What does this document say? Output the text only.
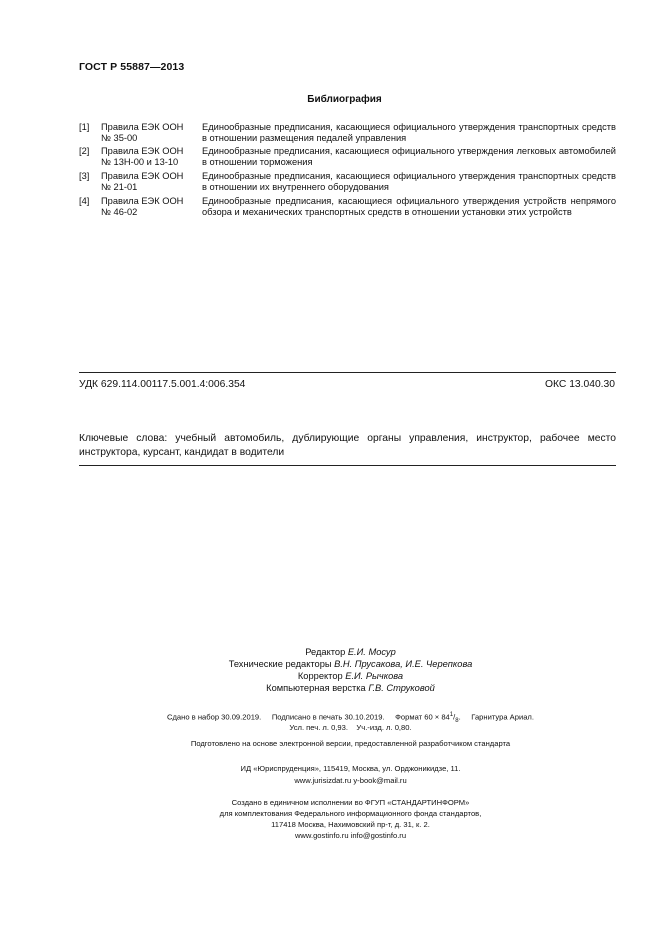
ГОСТ Р 55887—2013
Библиография
[1]	Правила ЕЭК ООН
№ 35-00
Единообразные предписания, касающиеся официального утверждения транспортных средств в отношении размещения педалей управления
[2]	Правила ЕЭК ООН
№ 13Н-00 и 13-10
Единообразные предписания, касающиеся официального утверждения легковых автомобилей в отношении торможения
[3]	Правила ЕЭК ООН
№ 21-01
Единообразные предписания, касающиеся официального утверждения транспортных средств в отношении их внутреннего оборудования
[4]	Правила ЕЭК ООН
№ 46-02
Единообразные предписания, касающиеся официального утверждения устройств непрямого обзора и механических транспортных средств в отношении установки этих устройств
УДК 629.114.00117.5.001.4:006.354	ОКС 13.040.30
Ключевые слова: учебный автомобиль, дублирующие органы управления, инструктор, рабочее место инструктора, курсант, кандидат в водители
Редактор Е.И. Мосур
Технические редакторы В.Н. Прусакова, И.Е. Черепкова
Корректор Е.И. Рычкова
Компьютерная верстка Г.В. Струковой
Сдано в набор 30.09.2019. Подписано в печать 30.10.2019. Формат $60 \times 84^1/_8$.     Гарнитура Ариал.
Усл. печ. л. 0,93. Уч.-изд. л. 0,80.
Подготовлено на основе электронной версии, предоставленной разработчиком стандарта
ИД «Юриспруденция», 115419, Москва, ул. Орджоникидзе, 11.
www.jurisizdat.ru y-book@mail.ru
Создано в единичном исполнении во ФГУП «СТАНДАРТИНФОРМ»
для комплектования Федерального информационного фонда стандартов,
117418 Москва, Нахимовский пр-т, д. 31, к. 2.
www.gostinfo.ru info@gostinfo.ru
